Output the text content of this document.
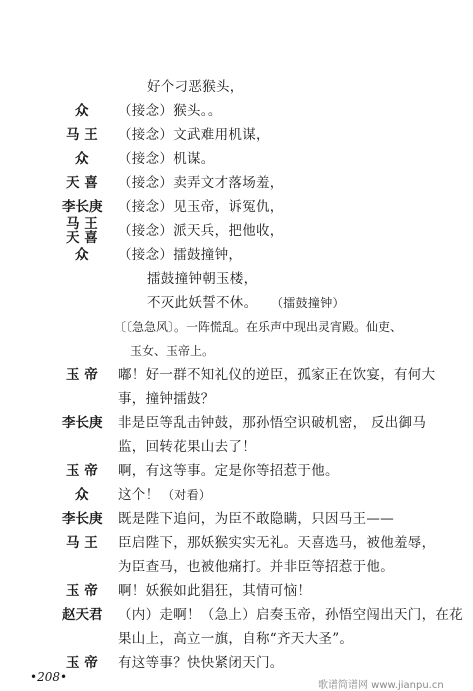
好个刁恶猴头，
众 （接念）猴头。。
马 王 （接念）文武难用机谋，
众 （接念）机谋。
天 喜 （接念）卖弄文才落场羞，
李长庚 （接念）见玉帝，诉冤仇，
马 王
天 喜 （接念）派天兵，把他收，
众 （接念）擂鼓撞钟，
擂鼓撞钟朝玉楼，
不灭此妖誓不休。 （擂鼓撞钟）
〔〔急急风〕。一阵慌乱。在乐声中现出灵宵殿。仙吏、
玉女、玉帝上。
玉 帝 嘟！好一群不知礼仪的逆臣，孤家正在饮宴，有何大
事，撞钟擂鼓？
李长庚 非是臣等乱击钟鼓，那孙悟空识破机密， 反出御马
监，回转花果山去了！
玉 帝 啊，有这等事。定是你等招惹于他。
众 这个！ （对看）
李长庚 既是陛下追问，为臣不敢隐瞒，只因马王——
马 王 臣启陛下，那妖猴实实无礼。天喜选马，被他羞辱，
为臣查马，也被他痛打。并非臣等招惹于他。
玉 帝 啊！妖猴如此猖狂，其情可恼！
赵天君 （内）走啊！（急上）启奏玉帝，孙悟空闯出天门，在花
果山上，高立一旗，自称“齐天大圣”。
玉 帝 有这等事？快快紧闭天门。
•208•
歌谱简谱网 www.jianpu.cn
